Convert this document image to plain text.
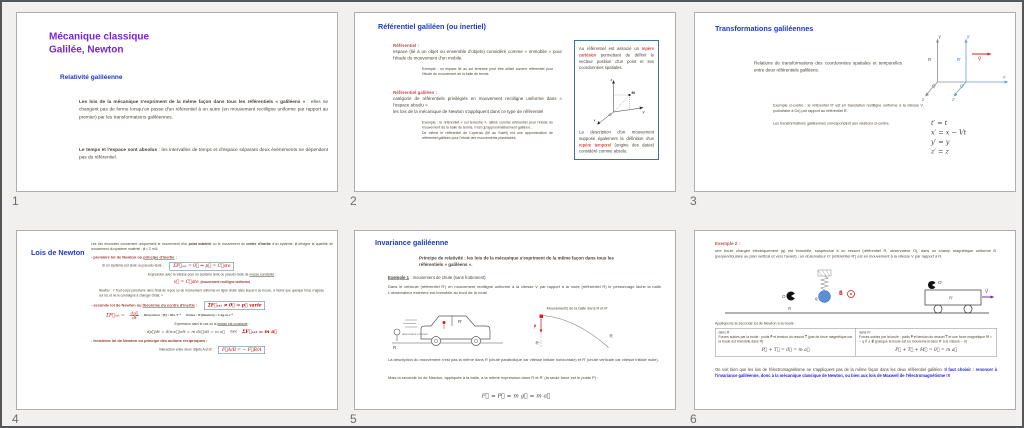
Mécanique classique
Galilée, Newton
Relativité galiléenne

Les lois de la mécanique s'expriment de la même façon dans tous les référentiels « galiléens » : elles ne changent pas de forme lorsqu'on passe d'un référentiel à un autre (en mouvement rectiligne uniforme par rapport au premier) par les transformations galiléennes.

Le temps et l'espace sont absolus : les intervalles de temps et d'espace séparant deux événements ne dépendent pas du référentiel.

1
Référentiel galiléen (ou inertiel)
Référentiel :
espace (lié à un objet ou ensemble d'objets) considéré comme « immobile » pour l'étude du mouvement d'un mobile.
Exemple : un espace lié au sol terrestre peut être utilisé comme référentiel pour l'étude du mouvement de la balle de tennis.
Référentiel galiléen :
catégorie de référentiels privilégiés en mouvement rectiligne uniforme dans « l'espace absolu »
les lois de la mécanique de Newton s'appliquent dans ce type de référentiel
Exemple : le référentiel « sol terrestre », utilisé comme référentiel pour l'étude du mouvement de la balle de tennis, n'est qu'approximativement galiléen...
De même le référentiel de Copernic (lié au Soleil) est une approximation de référentiel galiléen pour l'étude des mouvements planétaires.

Au référentiel est associé un repère cartésien permettant de définir le vecteur position d'un point et ses coordonnées spatiales.

z
y
x
O
M

La description d'un mouvement suppose également la définition d'un repère temporel (origine des dates) considéré comme absolu.

2
Transformations galiléennes
Relations de transformations des coordonnées spatiales et temporelles entre deux référentiels galiléens.

Exemple ci-contre : le référentiel R' est en translation rectiligne uniforme à la vitesse V (colinéaire à Ox) par rapport au référentiel R.

Les transformations galiléennes correspondent aux relations ci-contre.

y	y′
R	R′
O	O′
x′
z	z′
V⃗
t′ = t
x′ = x − Vt
y′ = y
z′ = z
3
Lois de Newton

Les lois énoncées concernent uniquement le mouvement d'un point matériel ou le mouvement du centre d'inertie d'un système. p⃗ désigne la quantité de mouvement du système matériel : p⃗ = Σ mᵢv⃗ᵢ

- première loi de Newton ou principe d'inertie :
Si un système est isolé ou pseudo-isolé :	ΣF⃗ₑₓₜ = 0⃗ ⇒ p⃗ = C⃗ste
Expression avec la vitesse pour un système isolé ou pseudo-isolé de masse constante :
v⃗ = C⃗ste (mouvement rectiligne uniforme)

Newton : « Tout corps persévère dans l'état de repos ou de mouvement uniforme en ligne droite dans lequel il se trouve, à moins que quelque force n'agisse sur lui, et ne le contraigne à changer d'état. »

- seconde loi de Newton ou théorème du centre d'inertie : ΣF⃗ₑₓₜ ≠ 0⃗ ⇒ p⃗ varie
ΣF⃗ₑₓₜ = $\frac{dp⃗}{dt}$ Dimension : [F] = M.L.T⁻² Unités : N (Newton) = 1 kg.m.s⁻²
Expression dans le cas où la masse est constante :
dp⃗/dt = d(mv⃗)/dt = m dv⃗/dt = m a⃗ donc ΣF⃗ₑₓₜ = m a⃗
- troisième loi de Newton ou principe des actions réciproques :
Interaction entre deux objets A et B : F⃗A/B = − F⃗B/A
4
Invariance galiléenne
Principe de relativité : les lois de la mécanique s'expriment de la même façon dans tous les référentiels « galiléens ».
Exemple 1 : mouvement de chute (sans frottement)

Dans le véhicule (référentiel R') en mouvement rectiligne uniforme à la vitesse V par rapport à la route (référentiel R) le personnage lâche la balle. L'observateur extérieur est immobile au bord de la route

R′
observateur extérieur
R
Mouvements de la balle dans R et R'
P⃗
R′
R

La description du mouvement n'est pas la même dans R (chute parabolique car vitesse initiale horizontale) et R' (chute verticale car vitesse initiale nulle).

Mais la seconde loi de Newton, appliquée à la balle, a la même expression dans R et R' (la seule force est le poids P) :

F⃗ = P⃗ = m g⃗ = m a⃗
5
Exemple 2 :

une boule chargée électriquement (q) est immobile, suspendue à un ressort (référentiel R, observateur O), dans un champ magnétique uniforme B (perpendiculaire au plan vertical et vers l'avant) ; un observateur O' (référentiel R') est en mouvement à la vitesse V par rapport à R.

O
R
q
B⃗
O′
R′
V⃗
Appliquons la seconde loi de Newton à la boule :
dans R
Forces subies par la boule : poids P⃗ et tension du ressort T⃗ (pas de force magnétique car la boule est immobile dans R)
P⃗ + T⃗ = 0⃗ = m a⃗
dans R'
Forces subies par la boule : poids P⃗ et tension du ressort T⃗ et une force magnétique M⃗ = − q V⃗ ∧ B⃗ (puisque la boule est en mouvement dans R' à la vitesse − V)
P⃗ + T⃗ + M⃗ = 0⃗ = m a⃗

On voit bien que les lois de l'électromagnétisme ne s'appliquent pas de la même façon dans les deux référentiel galiléen. Il faut choisir : renoncer à l'invariance galiléenne, donc à la mécanique classique de Newton, ou bien aux lois de Maxwell de l'électromagnétisme !!!

6
